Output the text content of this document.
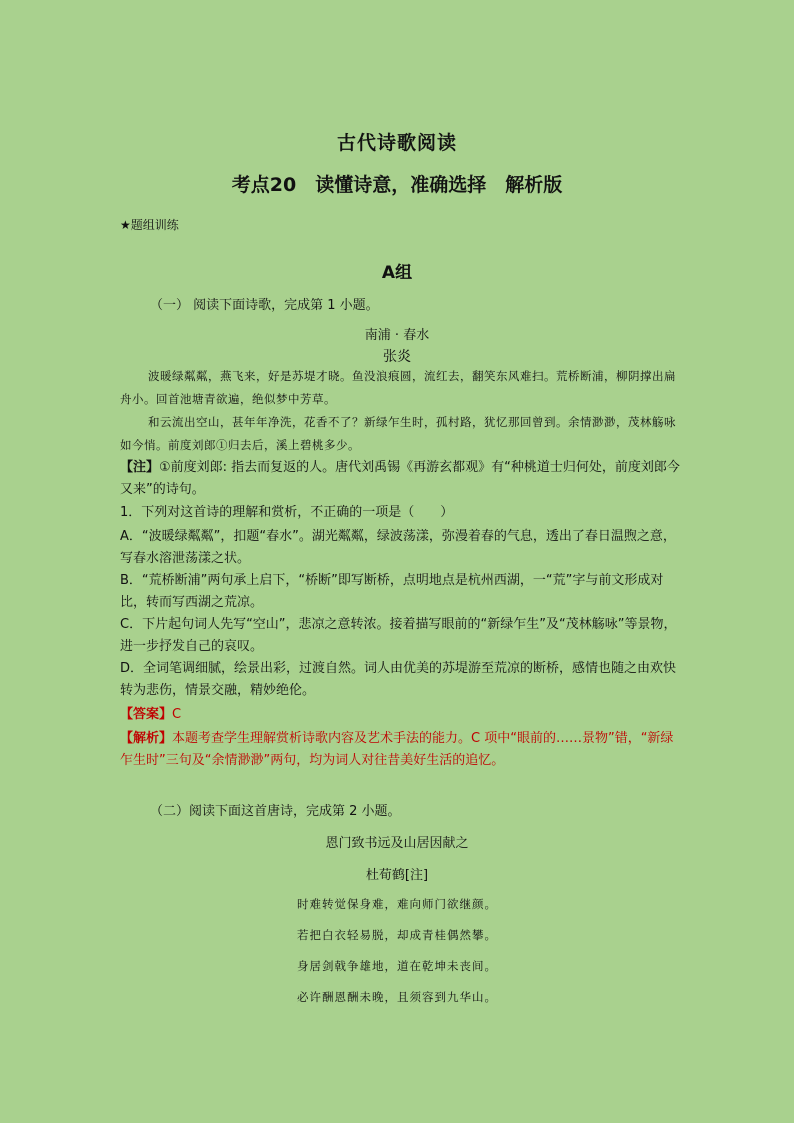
古代诗歌阅读
考点20　读懂诗意，准确选择　解析版
★题组训练
A组
（一） 阅读下面诗歌，完成第 1 小题。
南浦 · 春水
张炎
波暖绿粼粼，燕飞来，好是苏堤才晓。鱼没浪痕圆，流红去，翻笑东风难扫。荒桥断浦，柳阴撑出扁舟小。回首池塘青欲遍，绝似梦中芳草。
和云流出空山，甚年年净洗，花香不了？新绿乍生时，孤村路，犹忆那回曾到。余情渺渺，茂林觞咏如今悄。前度刘郎①归去后，溪上碧桃多少。
【注】①前度刘郎: 指去而复返的人。唐代刘禹锡《再游玄都观》有“种桃道士归何处，前度刘郎今又来”的诗句。
1．下列对这首诗的理解和赏析，不正确的一项是（　　）
A．“波暖绿粼粼”，扣题“春水”。湖光粼粼，绿波荡漾，弥漫着春的气息，透出了春日温煦之意，写春水溶泄荡漾之状。
B．“荒桥断浦”两句承上启下，“桥断”即写断桥，点明地点是杭州西湖，一“荒”字与前文形成对比，转而写西湖之荒凉。
C．下片起句词人先写“空山”，悲凉之意转浓。接着描写眼前的“新绿乍生”及“茂林觞咏”等景物，进一步抒发自己的哀叹。
D．全词笔调细腻，绘景出彩，过渡自然。词人由优美的苏堤游至荒凉的断桥，感情也随之由欢快转为悲伤，情景交融，精妙绝伦。
【答案】C
【解析】本题考查学生理解赏析诗歌内容及艺术手法的能力。C 项中“眼前的……景物”错，“新绿乍生时”三句及“余情渺渺”两句，均为词人对往昔美好生活的追忆。
（二）阅读下面这首唐诗，完成第 2 小题。
恩门致书远及山居因献之
杜荀鹤[注]
时难转觉保身难，难向师门欲继颜。
若把白衣轻易脱，却成青桂偶然攀。
身居剑戟争雄地，道在乾坤未丧间。
必许酬恩酬未晚，且须容到九华山。
